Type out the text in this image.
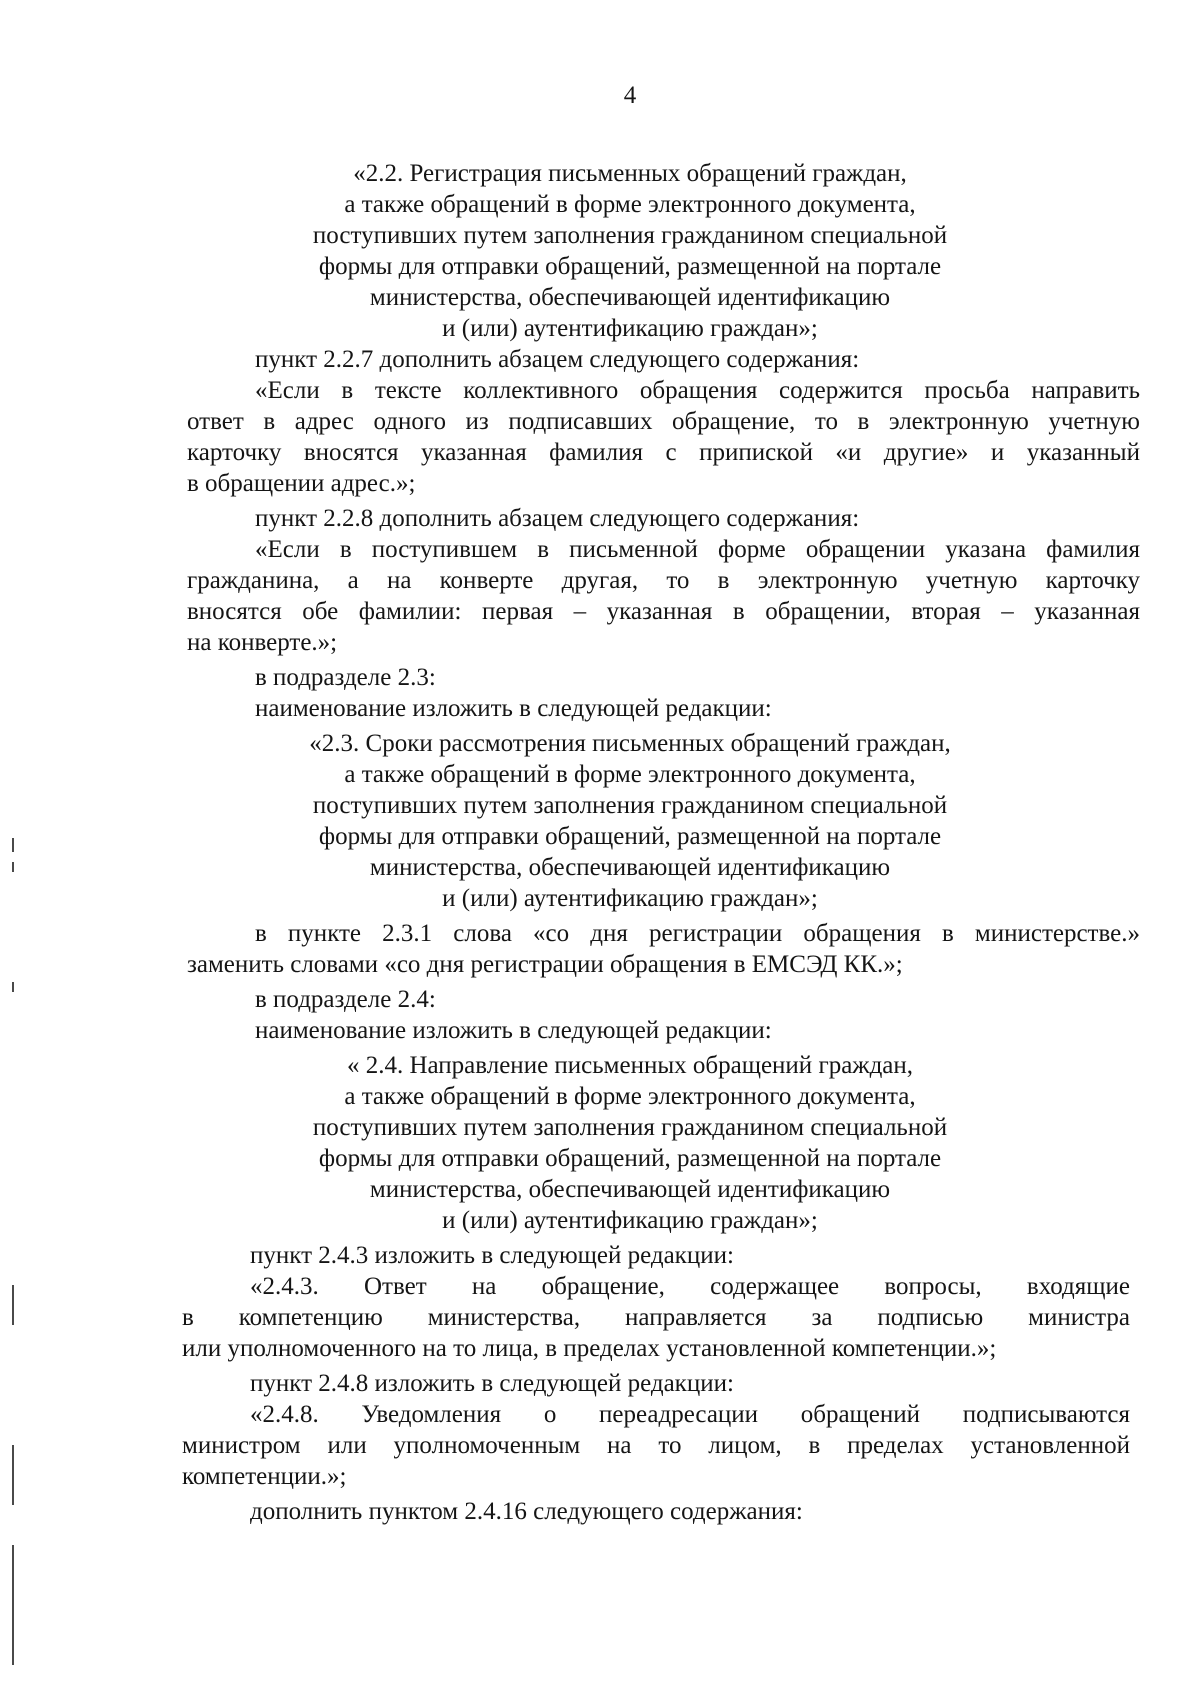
4
«2.2. Регистрация письменных обращений граждан,
а также обращений в форме электронного документа,
поступивших путем заполнения гражданином специальной
формы для отправки обращений, размещенной на портале
министерства, обеспечивающей идентификацию
и (или) аутентификацию граждан»;
пункт 2.2.7 дополнить абзацем следующего содержания:
«Если в тексте коллективного обращения содержится просьба направить
ответ в адрес одного из подписавших обращение, то в электронную учетную
карточку вносятся указанная фамилия с припиской «и другие» и указанный
в обращении адрес.»;
пункт 2.2.8 дополнить абзацем следующего содержания:
«Если в поступившем в письменной форме обращении указана фамилия
гражданина, а на конверте другая, то в электронную учетную карточку
вносятся обе фамилии: первая – указанная в обращении, вторая – указанная
на конверте.»;
в подразделе 2.3:
наименование изложить в следующей редакции:
«2.3. Сроки рассмотрения письменных обращений граждан,
а также обращений в форме электронного документа,
поступивших путем заполнения гражданином специальной
формы для отправки обращений, размещенной на портале
министерства, обеспечивающей идентификацию
и (или) аутентификацию граждан»;
в пункте 2.3.1 слова «со дня регистрации обращения в министерстве.»
заменить словами «со дня регистрации обращения в ЕМСЭД КК.»;
в подразделе 2.4:
наименование изложить в следующей редакции:
« 2.4. Направление письменных обращений граждан,
а также обращений в форме электронного документа,
поступивших путем заполнения гражданином специальной
формы для отправки обращений, размещенной на портале
министерства, обеспечивающей идентификацию
и (или) аутентификацию граждан»;
пункт 2.4.3 изложить в следующей редакции:
«2.4.3. Ответ на обращение, содержащее вопросы, входящие
в компетенцию министерства, направляется за подписью министра
или уполномоченного на то лица, в пределах установленной компетенции.»;
пункт 2.4.8 изложить в следующей редакции:
«2.4.8. Уведомления о переадресации обращений подписываются
министром или уполномоченным на то лицом, в пределах установленной
компетенции.»;
дополнить пунктом 2.4.16 следующего содержания:
